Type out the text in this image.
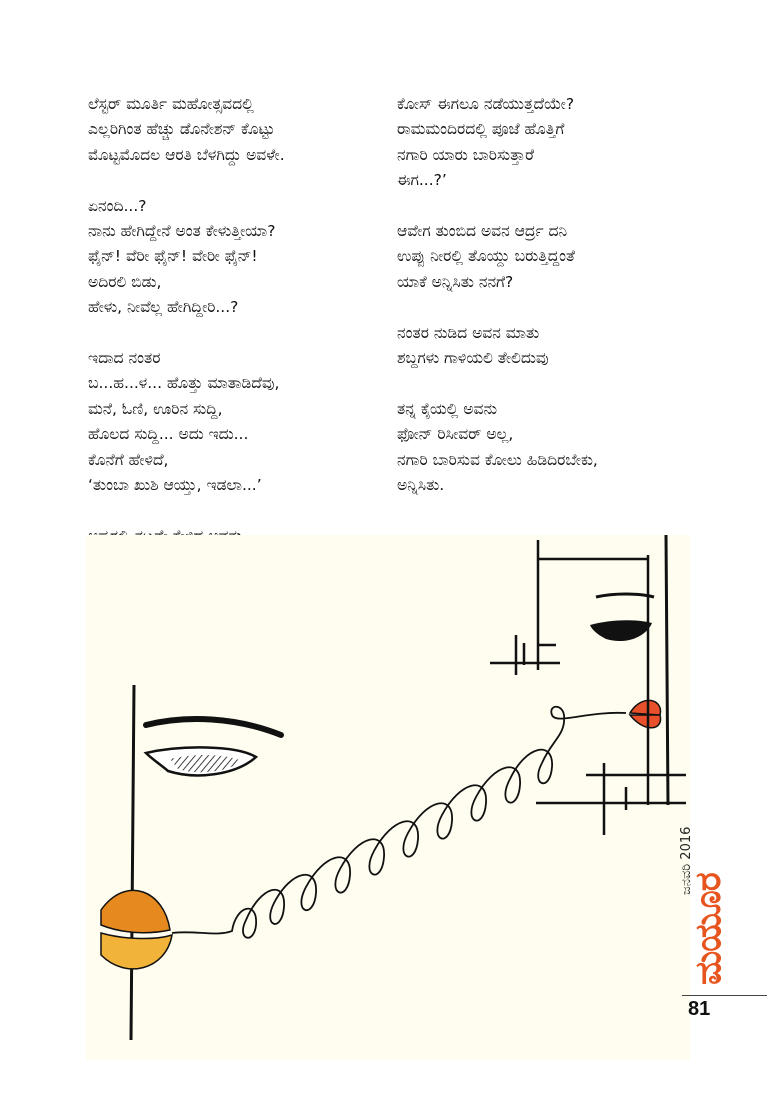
ಲೆಸ್ಟರ್ ಮೂರ್ತಿ ಮಹೋತ್ಸವದಲ್ಲಿ
ಎಲ್ಲರಿಗಿಂತ ಹೆಚ್ಚು ಡೊನೇಶನ್ ಕೊಟ್ಟು
ಮೊಟ್ಟಮೊದಲ ಆರತಿ ಬೆಳಗಿದ್ದು ಅವಳೇ.
ಏನಂದಿ...?
ನಾನು ಹೇಗಿದ್ದೇನೆ ಅಂತ ಕೇಳುತ್ತೀಯಾ?
ಫೈನ್! ವೆರೀ ಫೈನ್! ವೇರೀ ಫೈನ್!
ಅದಿರಲಿ ಬಿಡು,
ಹೇಳು, ನೀವೆಲ್ಲ ಹೇಗಿದ್ದೀರಿ...?
ಇದಾದ ನಂತರ
ಬ...ಹ...ಳ... ಹೊತ್ತು ಮಾತಾಡಿದೆವು,
ಮನೆ, ಓಣಿ, ಊರಿನ ಸುದ್ದಿ,
ಹೊಲದ ಸುದ್ದಿ... ಅದು ಇದು...
ಕೊನೆಗೆ ಹೇಳಿದೆ,
‘ತುಂಬಾ ಖುಶಿ ಆಯ್ತು, ಇಡಲಾ...’
ಕೋಸ್ ಈಗಲೂ ನಡೆಯುತ್ತದೆಯೇ?
ರಾಮಮಂದಿರದಲ್ಲಿ ಪೂಜೆ ಹೊತ್ತಿಗೆ
ನಗಾರಿ ಯಾರು ಬಾರಿಸುತ್ತಾರೆ
ಈಗ...?’
ಆವೇಗ ತುಂಬಿದ ಅವನ ಆರ್ದ್ರ ದನಿ
ಉಪ್ಪು ನೀರಲ್ಲಿ ತೊಯ್ದು ಬರುತ್ತಿದ್ದಂತೆ
ಯಾಕೆ ಅನ್ನಿಸಿತು ನನಗೆ?
ನಂತರ ನುಡಿದ ಅವನ ಮಾತು
ಶಬ್ದಗಳು ಗಾಳಿಯಲಿ ತೇಲಿದುವು
ತನ್ನ ಕೈಯಲ್ಲಿ ಅವನು
ಫೋನ್ ರಿಸೀವರ್ ಅಲ್ಲ,
ನಗಾರಿ ಬಾರಿಸುವ ಕೋಲು ಹಿಡಿದಿರಬೇಕು,
ಅನ್ನಿಸಿತು.
ಮಯೂರ
ಜನವರಿ 2016
81
